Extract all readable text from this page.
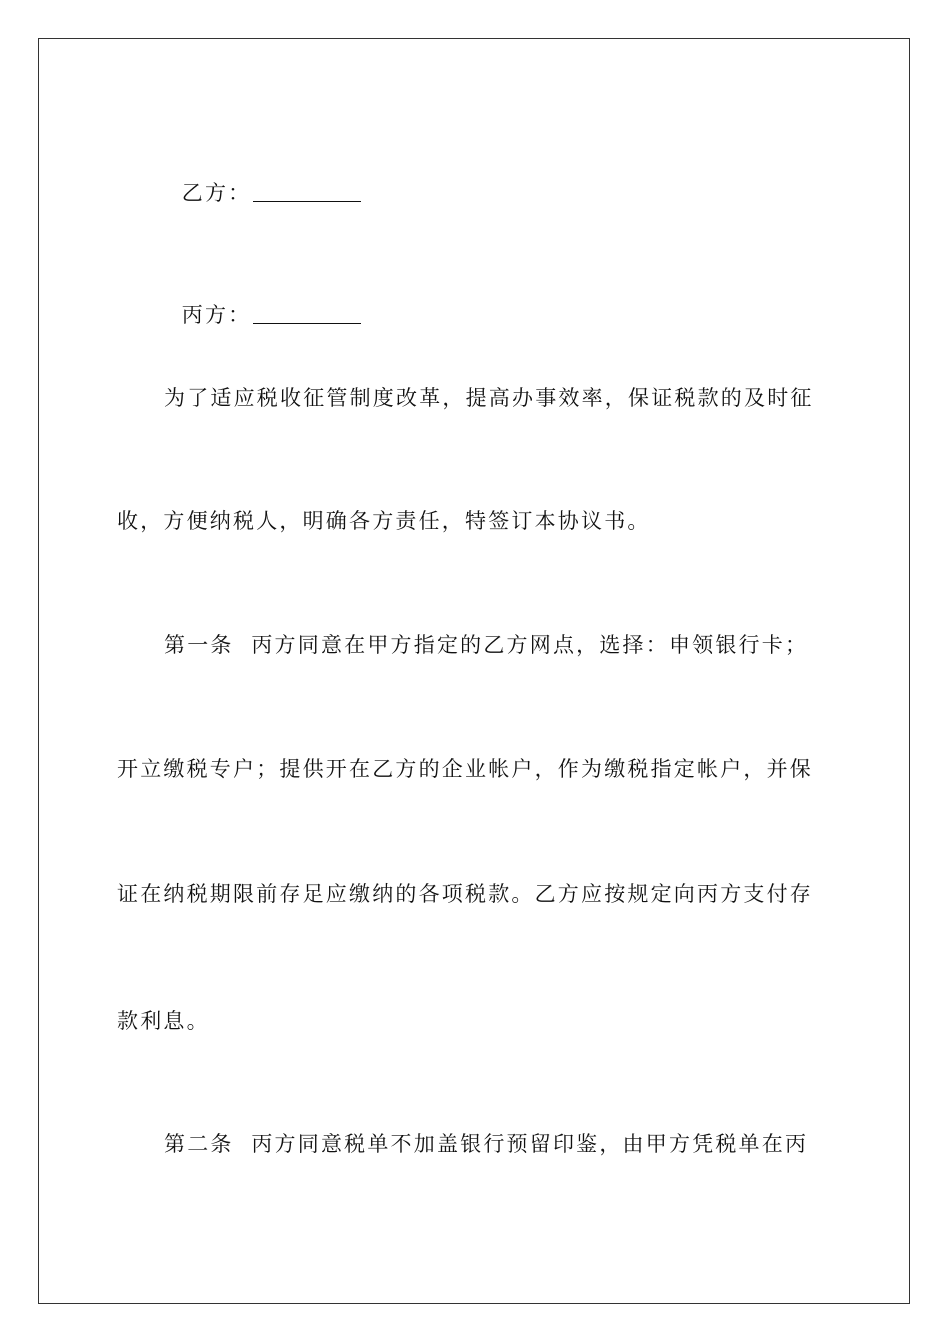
乙方：

丙方：

为了适应税收征管制度改革，提高办事效率，保证税款的及时征
收，方便纳税人，明确各方责任，特签订本协议书。
第一条  丙方同意在甲方指定的乙方网点，选择：申领银行卡；
开立缴税专户；提供开在乙方的企业帐户，作为缴税指定帐户，并保
证在纳税期限前存足应缴纳的各项税款。乙方应按规定向丙方支付存
款利息。
第二条  丙方同意税单不加盖银行预留印鉴，由甲方凭税单在丙
